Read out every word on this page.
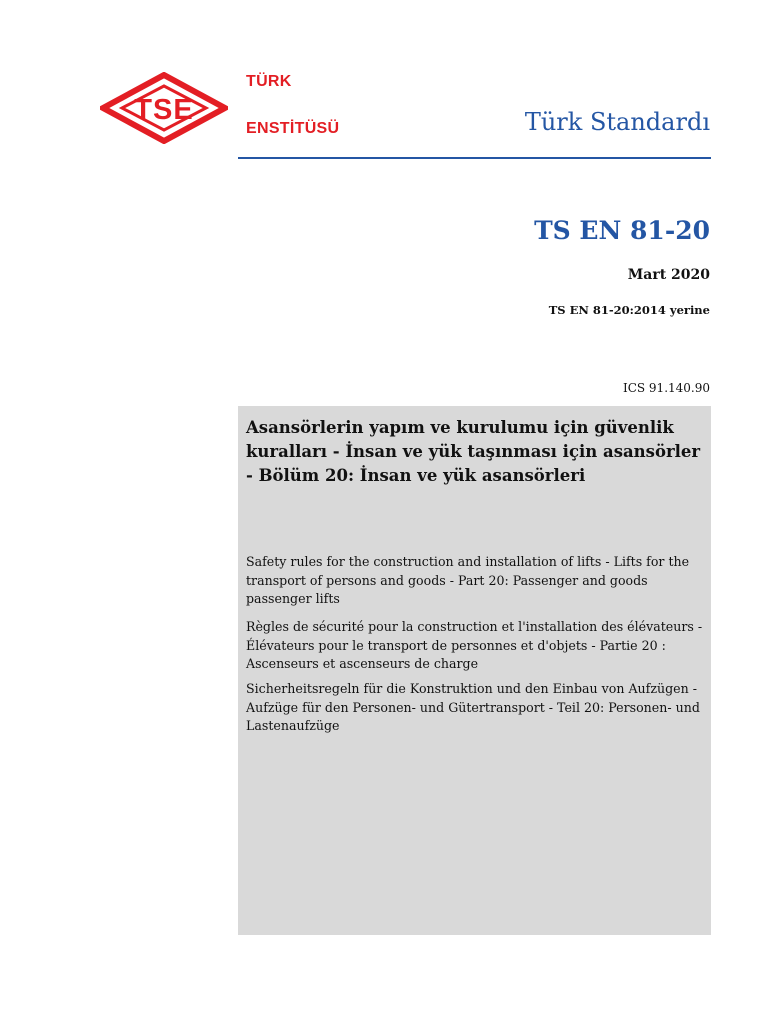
TSE
TÜRK
ENSTİTÜSÜ	Türk Standardı
TS EN 81-20
Mart 2020
TS EN 81-20:2014 yerine
ICS 91.140.90

Asansörlerin yapım ve kurulumu için güvenlik kuralları - İnsan ve yük taşınması için asansörler - Bölüm 20: İnsan ve yük asansörleri

Safety rules for the construction and installation of lifts - Lifts for the transport of persons and goods - Part 20: Passenger and goods passenger lifts

Règles de sécurité pour la construction et l'installation des élévateurs - Élévateurs pour le transport de personnes et d'objets - Partie 20 : Ascenseurs et ascenseurs de charge

Sicherheitsregeln für die Konstruktion und den Einbau von Aufzügen - Aufzüge für den Personen- und Gütertransport - Teil 20: Personen- und Lastenaufzüge
